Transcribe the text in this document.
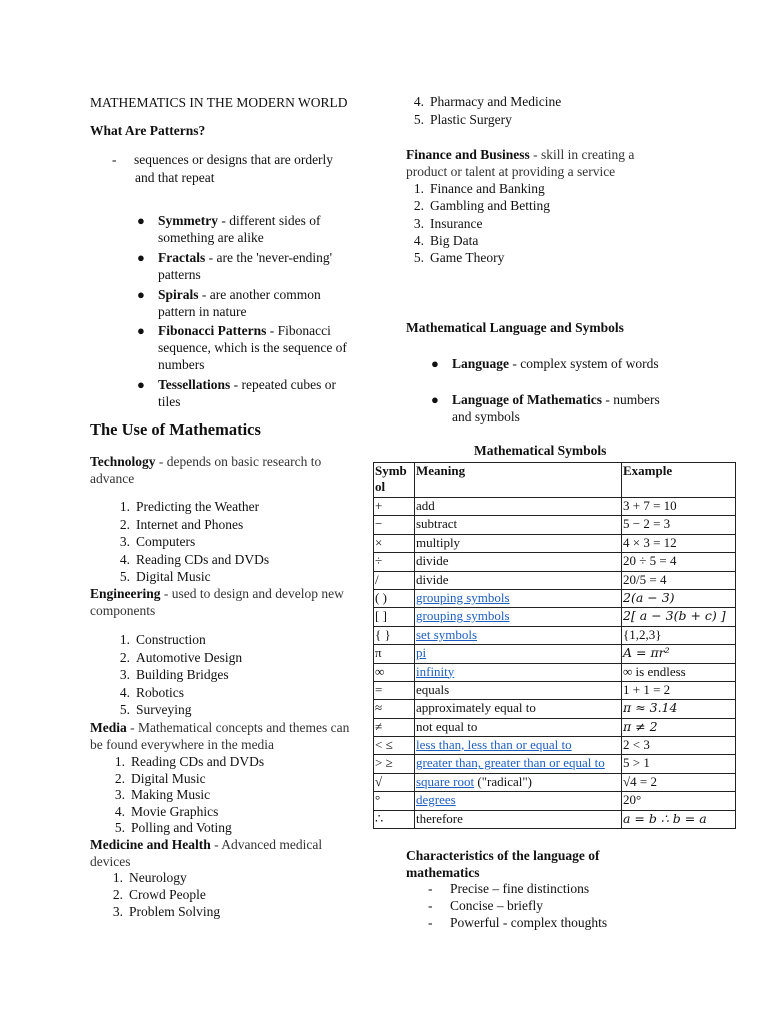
MATHEMATICS IN THE MODERN WORLD
What Are Patterns?
- sequences or designs that are orderly
and that repeat
● Symmetry - different sides of
something are alike
● Fractals - are the 'never-ending'
patterns
● Spirals - are another common
pattern in nature
● Fibonacci Patterns - Fibonacci
sequence, which is the sequence of
numbers
● Tessellations - repeated cubes or
tiles
The Use of Mathematics
Technology - depends on basic research to
advance
1. Predicting the Weather
2. Internet and Phones
3. Computers
4. Reading CDs and DVDs
5. Digital Music
Engineering - used to design and develop new
components
1. Construction
2. Automotive Design
3. Building Bridges
4. Robotics
5. Surveying
Media - Mathematical concepts and themes can
be found everywhere in the media
1. Reading CDs and DVDs
2. Digital Music
3. Making Music
4. Movie Graphics
5. Polling and Voting
Medicine and Health - Advanced medical
devices
1. Neurology
2. Crowd People
3. Problem Solving
4. Pharmacy and Medicine
5. Plastic Surgery
Finance and Business - skill in creating a
product or talent at providing a service
1. Finance and Banking
2. Gambling and Betting
3. Insurance
4. Big Data
5. Game Theory
Mathematical Language and Symbols
● Language - complex system of words
● Language of Mathematics - numbers
and symbols
Mathematical Symbols
Characteristics of the language of
mathematics
- Precise – fine distinctions
- Concise – briefly
- Powerful - complex thoughts
Symb
ol	Meaning	Example
+	add	3 + 7 = 10
−	subtract	5 − 2 = 3
×	multiply	4 × 3 = 12
÷	divide	20 ÷ 5 = 4
/	divide	20/5 = 4
( )	grouping symbols	2(a − 3)
[ ]	grouping symbols	2[ a − 3(b + c) ]
{ }	set symbols	{1,2,3}
π	pi	A = πr²
∞	infinity	∞ is endless
=	equals	1 + 1 = 2
≈	approximately equal to	π ≈ 3.14
≠	not equal to	π ≠ 2
< ≤	less than, less than or equal to	2 < 3
> ≥	greater than, greater than or equal to	5 > 1
√	square root ("radical")	√4 = 2
°	degrees	20°
∴	therefore	a = b ∴ b = a
